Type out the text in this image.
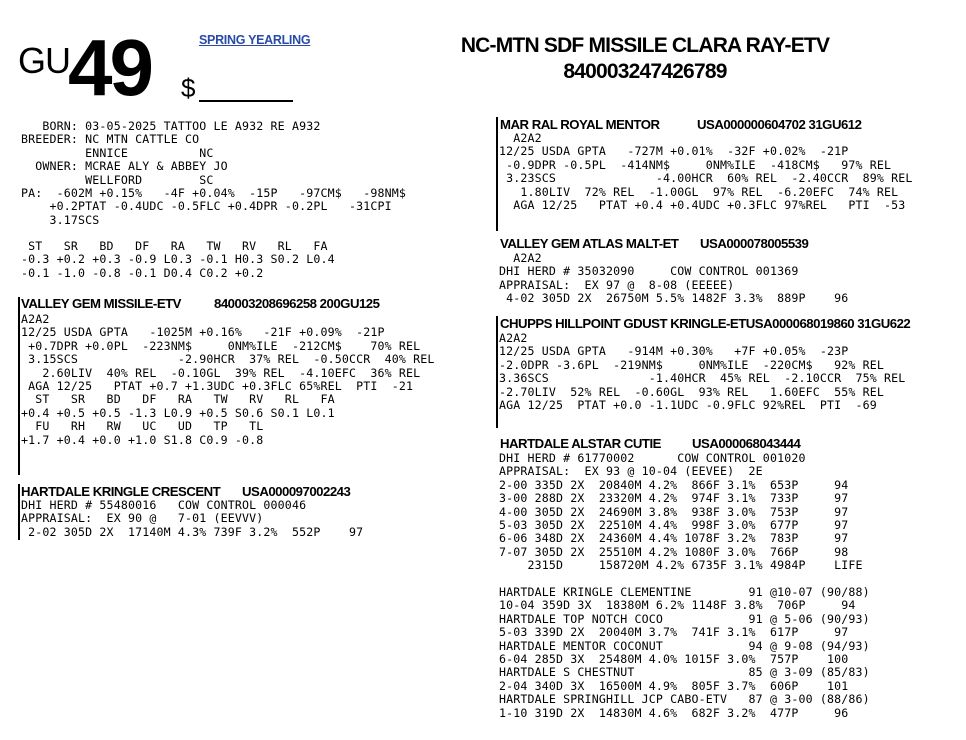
GU
49	SPRING YEARLING
$
NC-MTN SDF MISSILE CLARA RAY-ETV
840003247426789
BORN: 03-05-2025 TATTOO LE A932 RE A932
BREEDER: NC MTN CATTLE CO
ENNICE          NC
OWNER: MCRAE ALY & ABBEY JO
WELLFORD        SC
PA:  -602M +0.15%   -4F +0.04%  -15P   -97CM$   -98NM$
+0.2PTAT -0.4UDC -0.5FLC +0.4DPR -0.2PL   -31CPI
3.17SCS
ST   SR   BD   DF   RA   TW   RV   RL   FA
-0.3 +0.2 +0.3 -0.9 L0.3 -0.1 H0.3 S0.2 L0.4
-0.1 -1.0 -0.8 -0.1 D0.4 C0.2 +0.2
VALLEY GEM MISSILE-ETV	840003208696258 200GU125
A2A2
12/25 USDA GPTA   -1025M +0.16%   -21F +0.09%  -21P
+0.7DPR +0.0PL  -223NM$     0NM%ILE  -212CM$    70% REL
3.15SCS              -2.90HCR  37% REL  -0.50CCR  40% REL
2.60LIV  40% REL  -0.10GL  39% REL  -4.10EFC  36% REL
AGA 12/25   PTAT +0.7 +1.3UDC +0.3FLC 65%REL  PTI  -21
ST   SR   BD   DF   RA   TW   RV   RL   FA
+0.4 +0.5 +0.5 -1.3 L0.9 +0.5 S0.6 S0.1 L0.1
FU   RH   RW   UC   UD   TP   TL
+1.7 +0.4 +0.0 +1.0 S1.8 C0.9 -0.8
HARTDALE KRINGLE CRESCENT USA000097002243
DHI HERD # 55480016   COW CONTROL 000046
APPRAISAL:  EX 90 @   7-01 (EEVVV)
2-02 305D 2X  17140M 4.3% 739F 3.2%  552P    97
MAR RAL ROYAL MENTOR	USA000000604702 31GU612
A2A2
12/25 USDA GPTA   -727M +0.01%  -32F +0.02%  -21P
-0.9DPR -0.5PL  -414NM$     0NM%ILE  -418CM$   97% REL
3.23SCS              -4.00HCR  60% REL  -2.40CCR  89% REL
1.80LIV  72% REL  -1.00GL  97% REL  -6.20EFC  74% REL
AGA 12/25   PTAT +0.4 +0.4UDC +0.3FLC 97%REL   PTI  -53
VALLEY GEM ATLAS MALT-ET USA000078005539
A2A2
DHI HERD # 35032090     COW CONTROL 001369
APPRAISAL:  EX 97 @  8-08 (EEEEE)
4-02 305D 2X  26750M 5.5% 1482F 3.3%  889P    96
CHUPPS HILLPOINT GDUST KRINGLE-ETUSA000068019860 31GU622
A2A2
12/25 USDA GPTA   -914M +0.30%   +7F +0.05%  -23P
-2.0DPR -3.6PL  -219NM$     0NM%ILE  -220CM$   92% REL
3.36SCS              -1.40HCR  45% REL  -2.10CCR  75% REL
-2.70LIV  52% REL  -0.60GL  93% REL   1.60EFC  55% REL
AGA 12/25  PTAT +0.0 -1.1UDC -0.9FLC 92%REL  PTI  -69
HARTDALE ALSTAR CUTIE USA000068043444
DHI HERD # 61770002      COW CONTROL 001020
APPRAISAL:  EX 93 @ 10-04 (EEVEE)  2E
2-00 335D 2X  20840M 4.2%  866F 3.1%  653P     94
3-00 288D 2X  23320M 4.2%  974F 3.1%  733P     97
4-00 305D 2X  24690M 3.8%  938F 3.0%  753P     97
5-03 305D 2X  22510M 4.4%  998F 3.0%  677P     97
6-06 348D 2X  24360M 4.4% 1078F 3.2%  783P     97
7-07 305D 2X  25510M 4.2% 1080F 3.0%  766P     98
2315D     158720M 4.2% 6735F 3.1% 4984P    LIFE
HARTDALE KRINGLE CLEMENTINE        91 @10-07 (90/88)
10-04 359D 3X  18380M 6.2% 1148F 3.8%  706P     94
HARTDALE TOP NOTCH COCO            91 @ 5-06 (90/93)
5-03 339D 2X  20040M 3.7%  741F 3.1%  617P     97
HARTDALE MENTOR COCONUT            94 @ 9-08 (94/93)
6-04 285D 3X  25480M 4.0% 1015F 3.0%  757P    100
HARTDALE S CHESTNUT                85 @ 3-09 (85/83)
2-04 340D 3X  16500M 4.9%  805F 3.7%  606P    101
HARTDALE SPRINGHILL JCP CABO-ETV   87 @ 3-00 (88/86)
1-10 319D 2X  14830M 4.6%  682F 3.2%  477P     96
